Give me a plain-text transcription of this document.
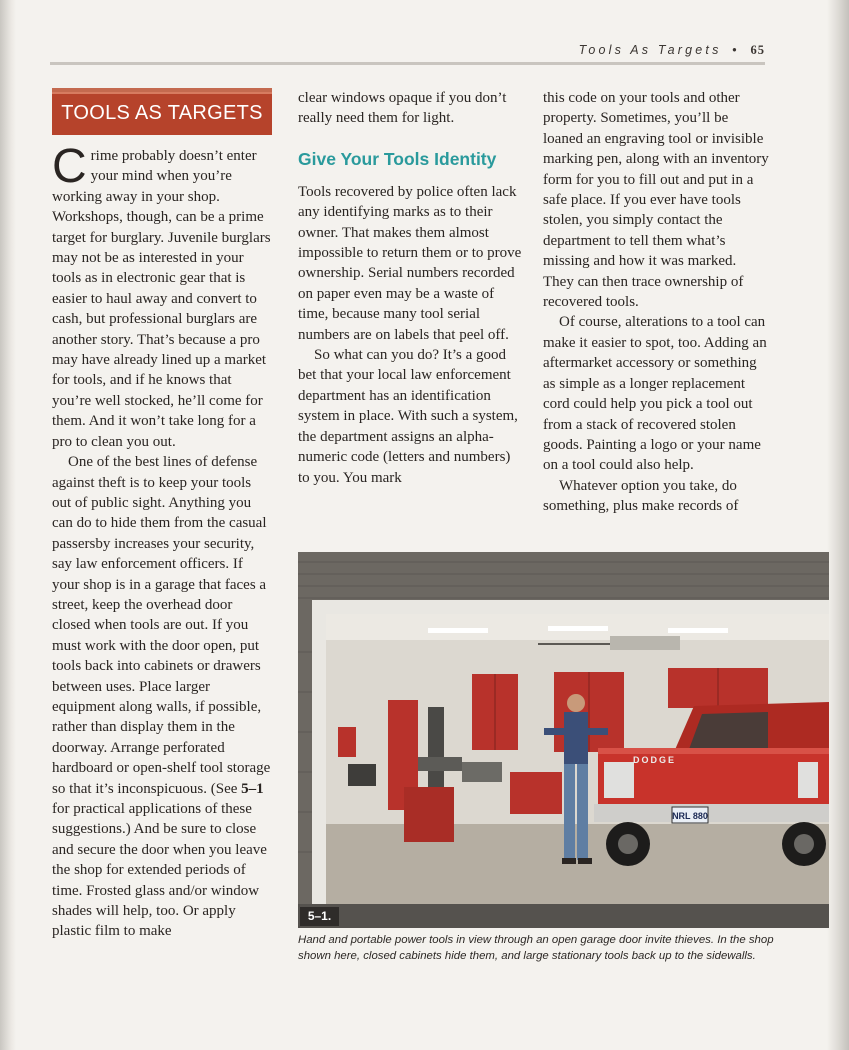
Tools As Targets • 65
TOOLS AS TARGETS

Crime probably doesn’t enter your mind when you’re working away in your shop. Workshops, though, can be a prime target for burglary. Juvenile burglars may not be as interested in your tools as in electronic gear that is easier to haul away and convert to cash, but professional burglars are another story. That’s because a pro may have already lined up a market for tools, and if he knows that you’re well stocked, he’ll come for them. And it won’t take long for a pro to clean you out.

One of the best lines of defense against theft is to keep your tools out of public sight. Anything you can do to hide them from the casual passersby increases your security, say law enforcement officers. If your shop is in a garage that faces a street, keep the overhead door closed when tools are out. If you must work with the door open, put tools back into cabinets or drawers between uses. Place larger equipment along walls, if possible, rather than display them in the doorway. Arrange perforated hardboard or open-shelf tool storage so that it’s inconspicuous. (See 5–1 for practical applications of these suggestions.) And be sure to close and secure the door when you leave the shop for extended periods of time. Frosted glass and/or window shades will help, too. Or apply plastic film to make

clear windows opaque if you don’t really need them for light.

Give Your Tools Identity

Tools recovered by police often lack any identifying marks as to their owner. That makes them almost impossible to return them or to prove ownership. Serial numbers recorded on paper even may be a waste of time, because many tool serial numbers are on labels that peel off.

So what can you do? It’s a good bet that your local law enforcement department has an identification system in place. With such a system, the department assigns an alpha-numeric code (letters and numbers) to you. You mark

this code on your tools and other property. Sometimes, you’ll be loaned an engraving tool or invisible marking pen, along with an inventory form for you to fill out and put in a safe place. If you ever have tools stolen, you simply contact the department to tell them what’s missing and how it was marked. They can then trace ownership of recovered tools.

Of course, alterations to a tool can make it easier to spot, too. Adding an aftermarket accessory or something as simple as a longer replacement cord could help you pick a tool out from a stack of recovered stolen goods. Painting a logo or your name on a tool could also help.

Whatever option you take, do something, plus make records of

NRL 880
DODGE
5–1.

Hand and portable power tools in view through an open garage door invite thieves. In the shop shown here, closed cabinets hide them, and large stationary tools back up to the sidewalls.
